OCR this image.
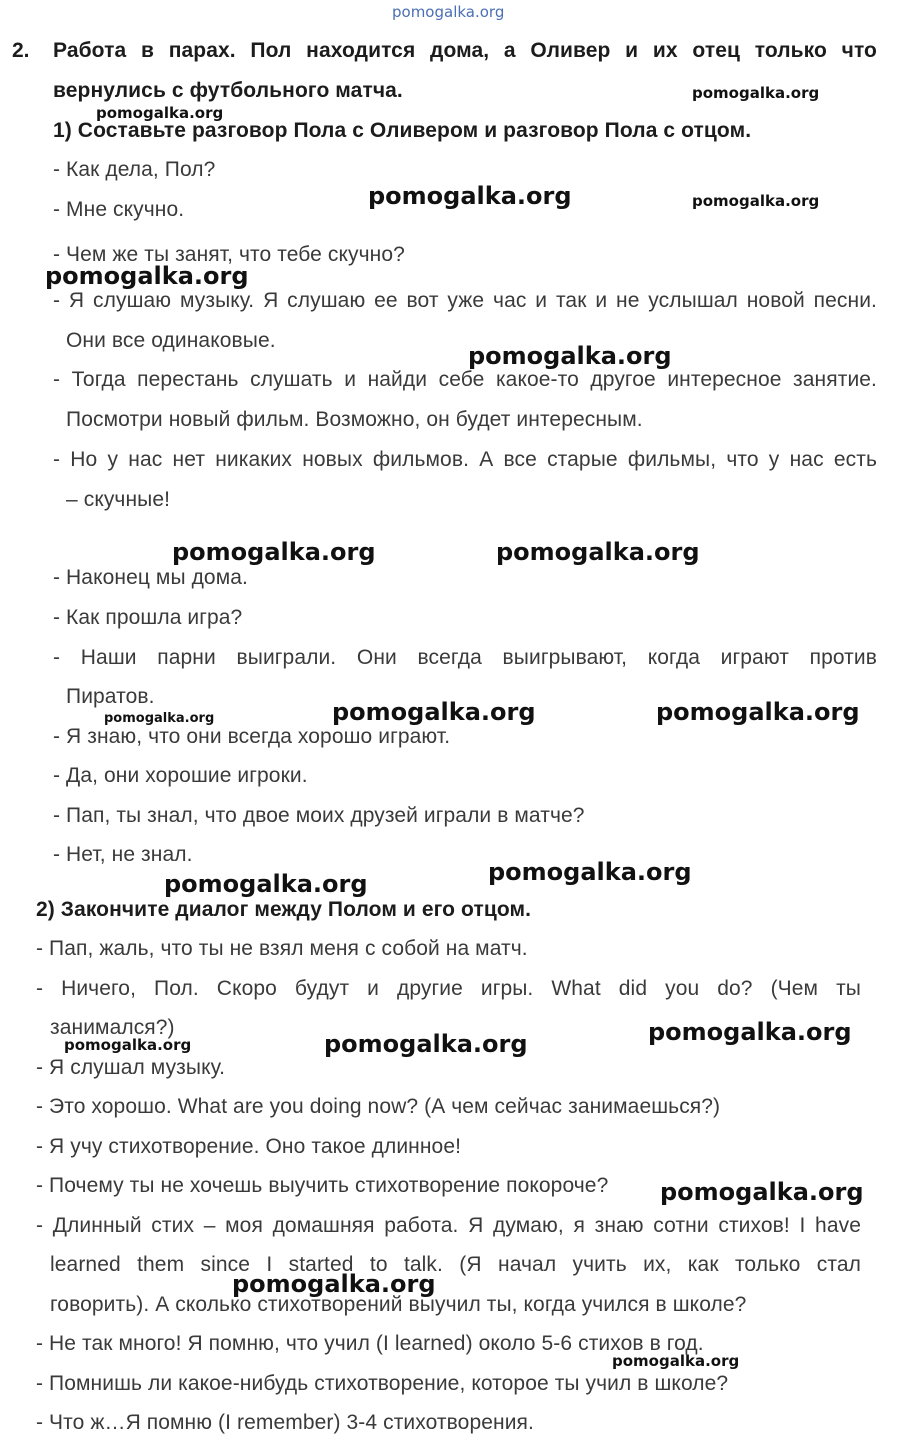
pomogalka.org
2. Работа в парах. Пол находится дома, а Оливер и их отец только что
вернулись с футбольного матча.
1) Составьте разговор Пола с Оливером и разговор Пола с отцом.
- Как дела, Пол?
- Мне скучно.
- Чем же ты занят, что тебе скучно?
- Я слушаю музыку. Я слушаю ее вот уже час и так и не услышал новой песни.
Они все одинаковые.
- Тогда перестань слушать и найди себе какое-то другое интересное занятие.
Посмотри новый фильм. Возможно, он будет интересным.
- Но у нас нет никаких новых фильмов. А все старые фильмы, что у нас есть
– скучные!
- Наконец мы дома.
- Как прошла игра?
- Наши парни выиграли. Они всегда выигрывают, когда играют против
Пиратов.
- Я знаю, что они всегда хорошо играют.
- Да, они хорошие игроки.
- Пап, ты знал, что двое моих друзей играли в матче?
- Нет, не знал.
2) Закончите диалог между Полом и его отцом.
- Пап, жаль, что ты не взял меня с собой на матч.
- Ничего, Пол. Скоро будут и другие игры. What did you do? (Чем ты
занимался?)
- Я слушал музыку.
- Это хорошо. What are you doing now? (А чем сейчас занимаешься?)
- Я учу стихотворение. Оно такое длинное!
- Почему ты не хочешь выучить стихотворение покороче?
- Длинный стих – моя домашняя работа. Я думаю, я знаю сотни стихов! I have
learned them since I started to talk. (Я начал учить их, как только стал
говорить). А сколько стихотворений выучил ты, когда учился в школе?
- Не так много! Я помню, что учил (I learned) около 5-6 стихов в год.
- Помнишь ли какое-нибудь стихотворение, которое ты учил в школе?
- Что ж…Я помню (I remember) 3-4 стихотворения.
pomogalka.org
pomogalka.org
pomogalka.org	pomogalka.org
pomogalka.org
pomogalka.org
pomogalka.org	pomogalka.org
pomogalka.org	pomogalka.org	pomogalka.org
pomogalka.org
pomogalka.org
pomogalka.org
pomogalka.org	pomogalka.org
pomogalka.org
pomogalka.org
pomogalka.org
